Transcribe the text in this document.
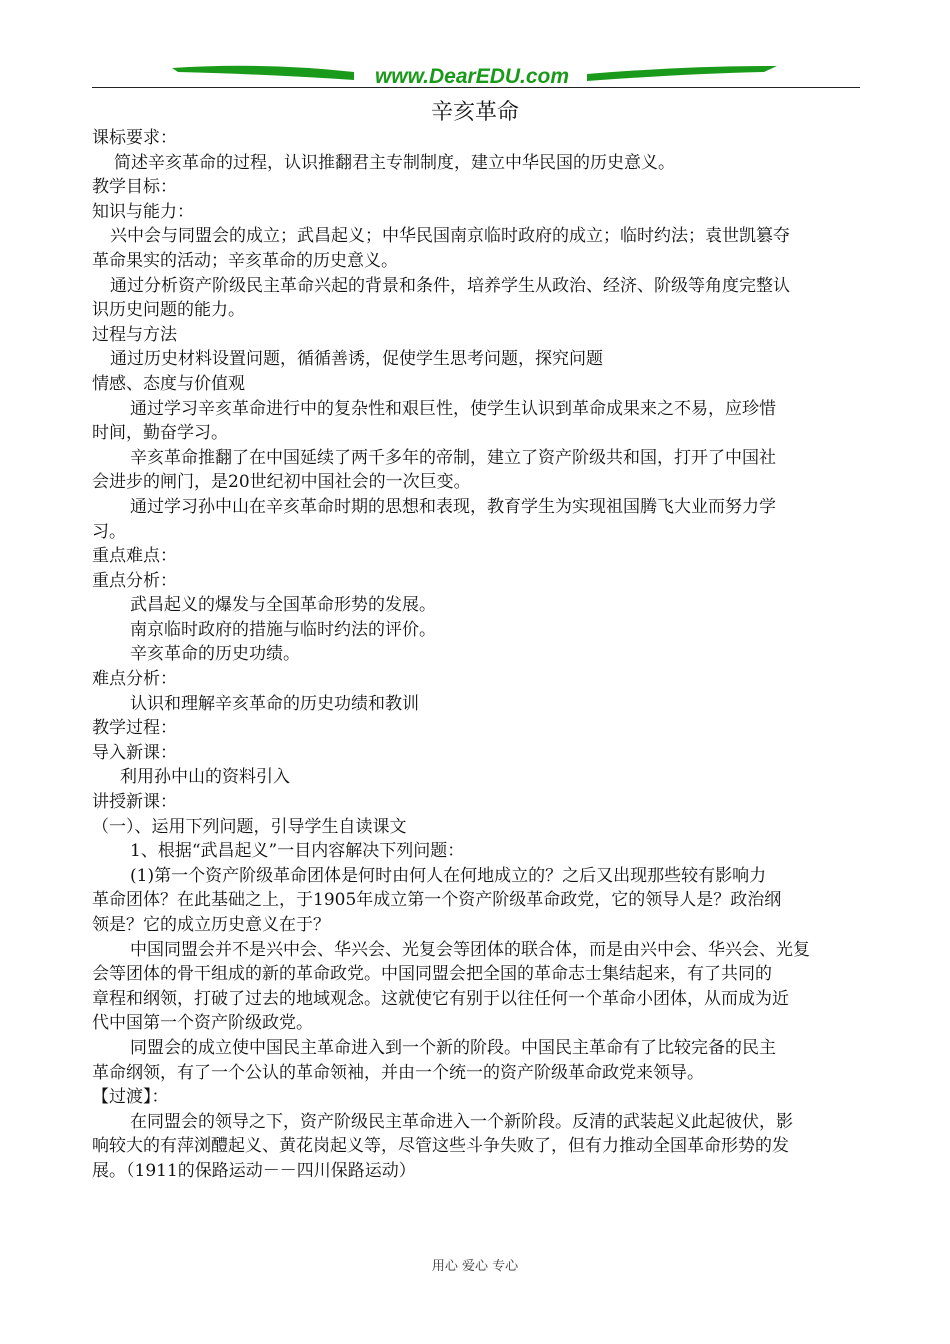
www.DearEDU.com
辛亥革命
课标要求：
简述辛亥革命的过程，认识推翻君主专制制度，建立中华民国的历史意义。
教学目标：
知识与能力：
兴中会与同盟会的成立；武昌起义；中华民国南京临时政府的成立；临时约法；袁世凯篡夺
革命果实的活动；辛亥革命的历史意义。
通过分析资产阶级民主革命兴起的背景和条件，培养学生从政治、经济、阶级等角度完整认
识历史问题的能力。
过程与方法
通过历史材料设置问题，循循善诱，促使学生思考问题，探究问题
情感、态度与价值观
通过学习辛亥革命进行中的复杂性和艰巨性，使学生认识到革命成果来之不易，应珍惜
时间，勤奋学习。
辛亥革命推翻了在中国延续了两千多年的帝制，建立了资产阶级共和国，打开了中国社
会进步的闸门，是20世纪初中国社会的一次巨变。
通过学习孙中山在辛亥革命时期的思想和表现，教育学生为实现祖国腾飞大业而努力学
习。
重点难点：
重点分析：
武昌起义的爆发与全国革命形势的发展。
南京临时政府的措施与临时约法的评价。
辛亥革命的历史功绩。
难点分析：
认识和理解辛亥革命的历史功绩和教训
教学过程：
导入新课：
利用孙中山的资料引入
讲授新课：
（一）、运用下列问题，引导学生自读课文
1、根据“武昌起义”一目内容解决下列问题：
(1)第一个资产阶级革命团体是何时由何人在何地成立的？之后又出现那些较有影响力
革命团体？在此基础之上，于1905年成立第一个资产阶级革命政党，它的领导人是？政治纲
领是？它的成立历史意义在于？
中国同盟会并不是兴中会、华兴会、光复会等团体的联合体，而是由兴中会、华兴会、光复
会等团体的骨干组成的新的革命政党。中国同盟会把全国的革命志士集结起来，有了共同的
章程和纲领，打破了过去的地域观念。这就使它有别于以往任何一个革命小团体，从而成为近
代中国第一个资产阶级政党。
同盟会的成立使中国民主革命进入到一个新的阶段。中国民主革命有了比较完备的民主
革命纲领，有了一个公认的革命领袖，并由一个统一的资产阶级革命政党来领导。
【过渡】：
在同盟会的领导之下，资产阶级民主革命进入一个新阶段。反清的武装起义此起彼伏，影
响较大的有萍浏醴起义、黄花岗起义等，尽管这些斗争失败了，但有力推动全国革命形势的发
展。（1911的保路运动－－四川保路运动）
用心 爱心 专心
